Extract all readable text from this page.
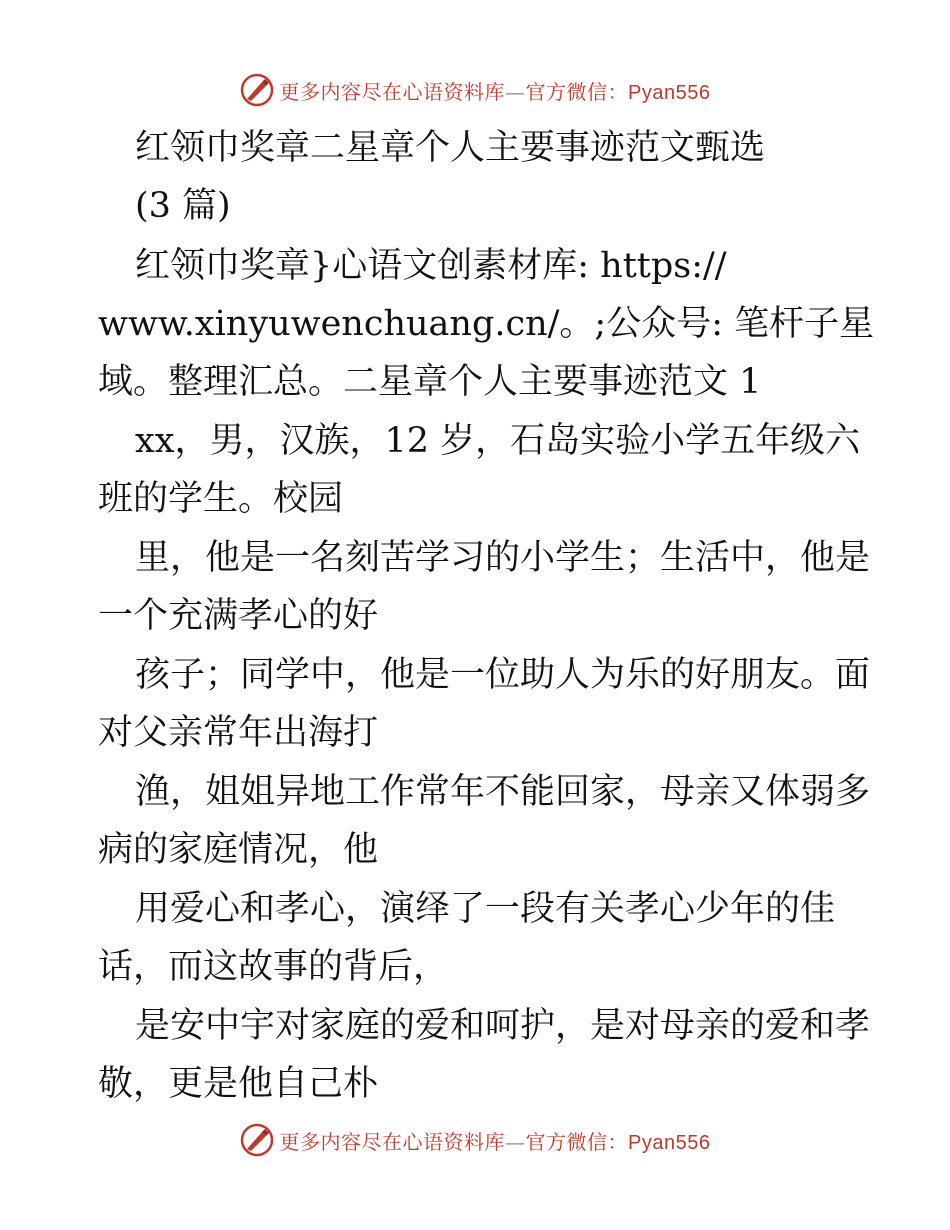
更多内容尽在心语资料库—官方微信：Pyan556
红领巾奖章二星章个人主要事迹范文甄选
(3 篇)
红领巾奖章}心语文创素材库: https://
www.xinyuwenchuang.cn/。;公众号: 笔杆子星
域。整理汇总。二星章个人主要事迹范文 1
xx，男，汉族，12 岁，石岛实验小学五年级六
班的学生。校园
里，他是一名刻苦学习的小学生；生活中，他是
一个充满孝心的好
孩子；同学中，他是一位助人为乐的好朋友。面
对父亲常年出海打
渔，姐姐异地工作常年不能回家，母亲又体弱多
病的家庭情况，他
用爱心和孝心，演绎了一段有关孝心少年的佳
话，而这故事的背后，
是安中宇对家庭的爱和呵护，是对母亲的爱和孝
敬，更是他自己朴
更多内容尽在心语资料库—官方微信：Pyan556
